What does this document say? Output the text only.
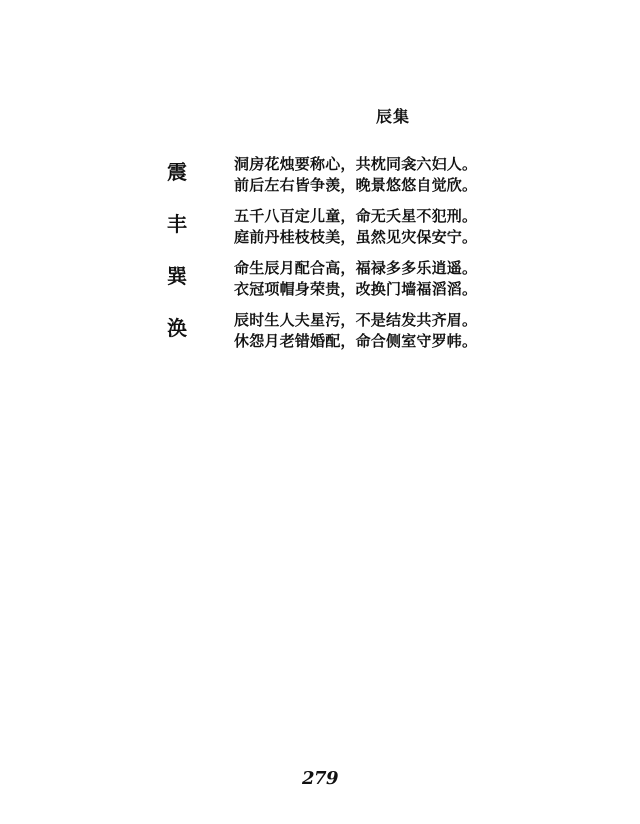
辰集
震	洞房花烛要称心，共枕同衾六妇人。
前后左右皆争羡，晚景悠悠自觉欣。
丰	五千八百定儿童，命无夭星不犯刑。
庭前丹桂枝枝美，虽然见灾保安宁。
巽	命生辰月配合高，福禄多多乐逍遥。
衣冠项帽身荣贵，改换门墙福滔滔。
涣	辰时生人夫星污，不是结发共齐眉。
休怨月老错婚配，命合侧室守罗帏。
279
